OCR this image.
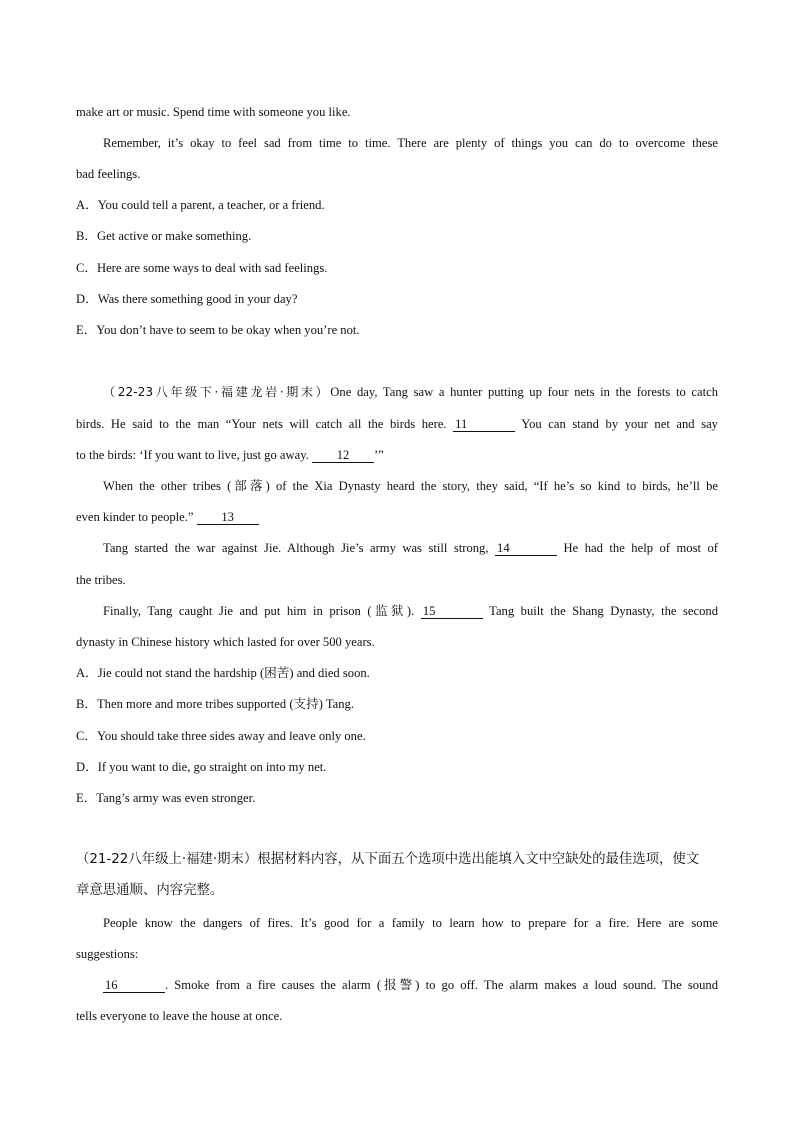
make art or music. Spend time with someone you like.
Remember, it’s okay to feel sad from time to time. There are plenty of things you can do to overcome these
bad feelings.
A．You could tell a parent, a teacher, or a friend.
B．Get active or make something.
C．Here are some ways to deal with sad feelings.
D．Was there something good in your day?
E．You don’t have to seem to be okay when you’re not.
（22-23八年级下·福建龙岩·期末）One day, Tang saw a hunter putting up four nets in the forests to catch
birds. He said to the man “Your nets will catch all the birds here. 11	You can stand by your net and say
to the birds: ‘If you want to live, just go away. 12 ’”
When the other tribes (部落) of the Xia Dynasty heard the story, they said, “If he’s so kind to birds, he’ll be
even kinder to people.” 13
Tang started the war against Jie. Although Jie’s army was still strong, 14	He had the help of most of
the tribes.
Finally, Tang caught Jie and put him in prison (监狱). 15	Tang built the Shang Dynasty, the second
dynasty in Chinese history which lasted for over 500 years.
A．Jie could not stand the hardship (困苦) and died soon.
B．Then more and more tribes supported (支持) Tang.
C．You should take three sides away and leave only one.
D．If you want to die, go straight on into my net.
E．Tang’s army was even stronger.
（21-22八年级上·福建·期末）根据材料内容，从下面五个选项中选出能填入文中空缺处的最佳选项，使文
章意思通顺、内容完整。
People know the dangers of fires. It’s good for a family to learn how to prepare for a fire. Here are some
suggestions:
16	. Smoke from a fire causes the alarm (报警) to go off. The alarm makes a loud sound. The sound
tells everyone to leave the house at once.
